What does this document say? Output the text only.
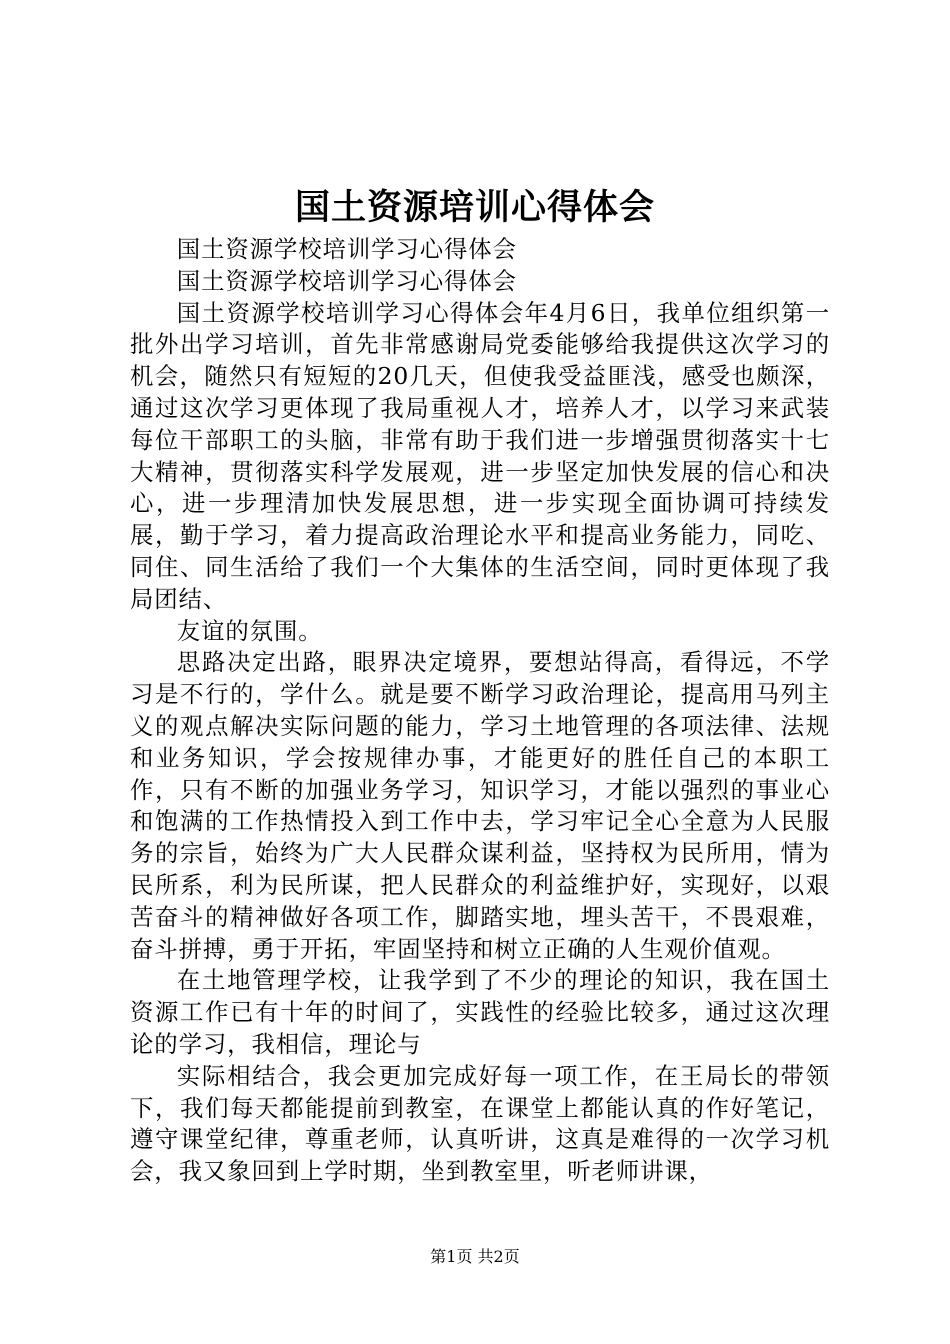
国土资源培训心得体会

国土资源学校培训学习心得体会

国土资源学校培训学习心得体会

国土资源学校培训学习心得体会年4月6日，我单位组织第一批外出学习培训，首先非常感谢局党委能够给我提供这次学习的机会，随然只有短短的20几天，但使我受益匪浅，感受也颇深，通过这次学习更体现了我局重视人才，培养人才，以学习来武装每位干部职工的头脑，非常有助于我们进一步增强贯彻落实十七大精神，贯彻落实科学发展观，进一步坚定加快发展的信心和决心，进一步理清加快发展思想，进一步实现全面协调可持续发展，勤于学习，着力提高政治理论水平和提高业务能力，同吃、同住、同生活给了我们一个大集体的生活空间，同时更体现了我局团结、

友谊的氛围。

思路决定出路，眼界决定境界，要想站得高，看得远，不学习是不行的，学什么。就是要不断学习政治理论，提高用马列主义的观点解决实际问题的能力，学习土地管理的各项法律、法规和业务知识，学会按规律办事，才能更好的胜任自己的本职工作，只有不断的加强业务学习，知识学习，才能以强烈的事业心和饱满的工作热情投入到工作中去，学习牢记全心全意为人民服务的宗旨，始终为广大人民群众谋利益，坚持权为民所用，情为民所系，利为民所谋，把人民群众的利益维护好，实现好，以艰苦奋斗的精神做好各项工作，脚踏实地，埋头苦干，不畏艰难，奋斗拼搏，勇于开拓，牢固坚持和树立正确的人生观价值观。

在土地管理学校，让我学到了不少的理论的知识，我在国土资源工作已有十年的时间了，实践性的经验比较多，通过这次理论的学习，我相信，理论与

实际相结合，我会更加完成好每一项工作，在王局长的带领下，我们每天都能提前到教室，在课堂上都能认真的作好笔记，遵守课堂纪律，尊重老师，认真听讲，这真是难得的一次学习机会，我又象回到上学时期，坐到教室里，听老师讲课，

第1页 共2页
